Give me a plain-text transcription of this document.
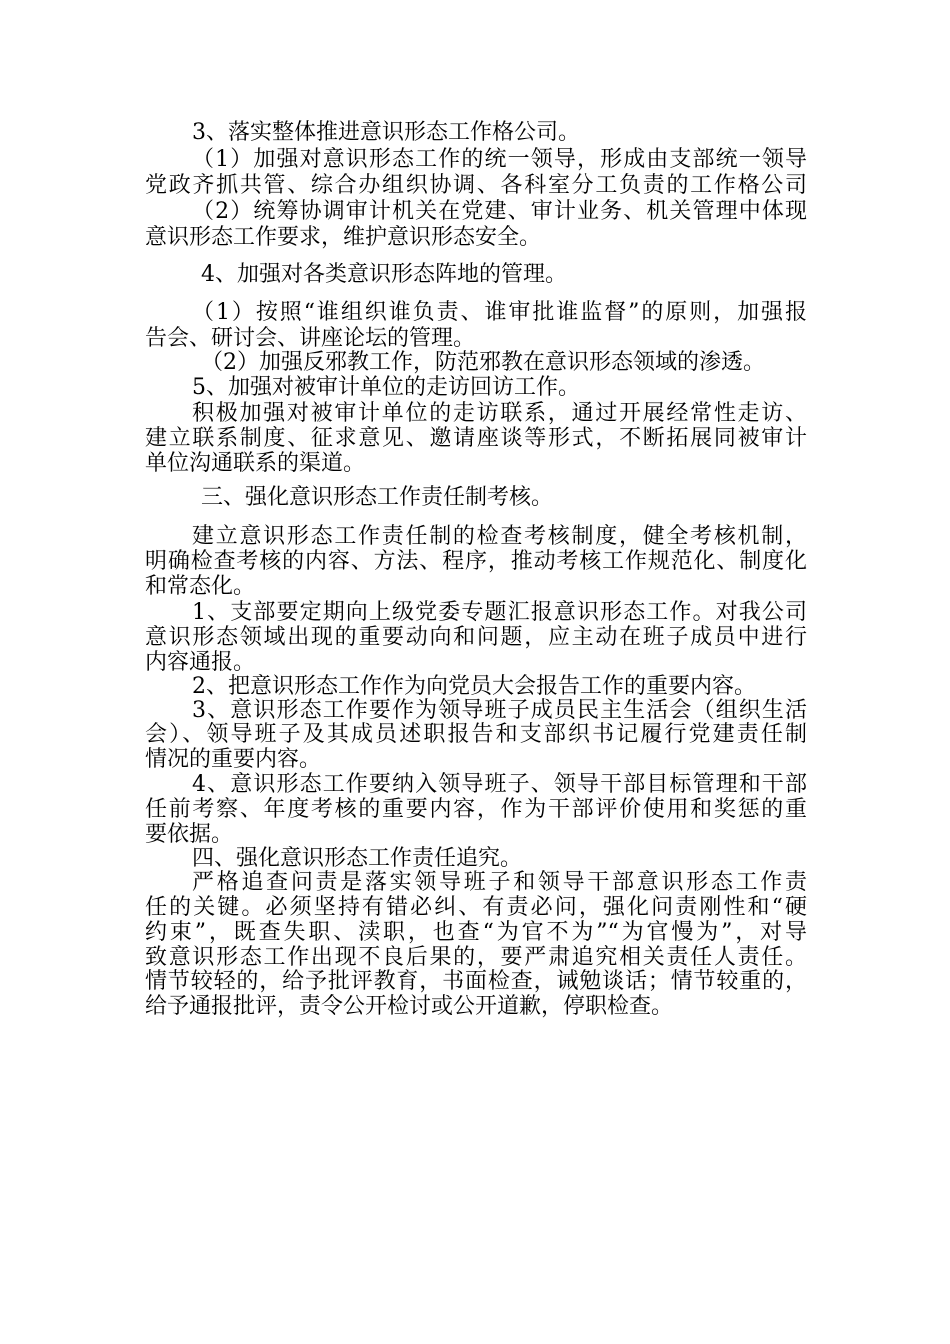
3、落实整体推进意识形态工作格公司。
（1）加强对意识形态工作的统一领导，形成由支部统一领导
党政齐抓共管、综合办组织协调、各科室分工负责的工作格公司
（2）统筹协调审计机关在党建、审计业务、机关管理中体现
意识形态工作要求，维护意识形态安全。
4、加强对各类意识形态阵地的管理。
（1）按照“谁组织谁负责、谁审批谁监督”的原则，加强报
告会、研讨会、讲座论坛的管理。
（2）加强反邪教工作，防范邪教在意识形态领域的渗透。
5、加强对被审计单位的走访回访工作。
积极加强对被审计单位的走访联系，通过开展经常性走访、
建立联系制度、征求意见、邀请座谈等形式，不断拓展同被审计
单位沟通联系的渠道。
三、强化意识形态工作责任制考核。
建立意识形态工作责任制的检查考核制度，健全考核机制，
明确检查考核的内容、方法、程序，推动考核工作规范化、制度化
和常态化。
1、支部要定期向上级党委专题汇报意识形态工作。对我公司
意识形态领域出现的重要动向和问题，应主动在班子成员中进行
内容通报。
2、把意识形态工作作为向党员大会报告工作的重要内容。
3、意识形态工作要作为领导班子成员民主生活会（组织生活
会）、领导班子及其成员述职报告和支部织书记履行党建责任制
情况的重要内容。
4、意识形态工作要纳入领导班子、领导干部目标管理和干部
任前考察、年度考核的重要内容，作为干部评价使用和奖惩的重
要依据。
四、强化意识形态工作责任追究。
严格追查问责是落实领导班子和领导干部意识形态工作责
任的关键。必须坚持有错必纠、有责必问，强化问责刚性和“硬
约束”，既查失职、渎职，也查“为官不为”“为官慢为”，对导
致意识形态工作出现不良后果的，要严肃追究相关责任人责任。
情节较轻的，给予批评教育，书面检查，诫勉谈话；情节较重的，
给予通报批评，责令公开检讨或公开道歉，停职检查。
